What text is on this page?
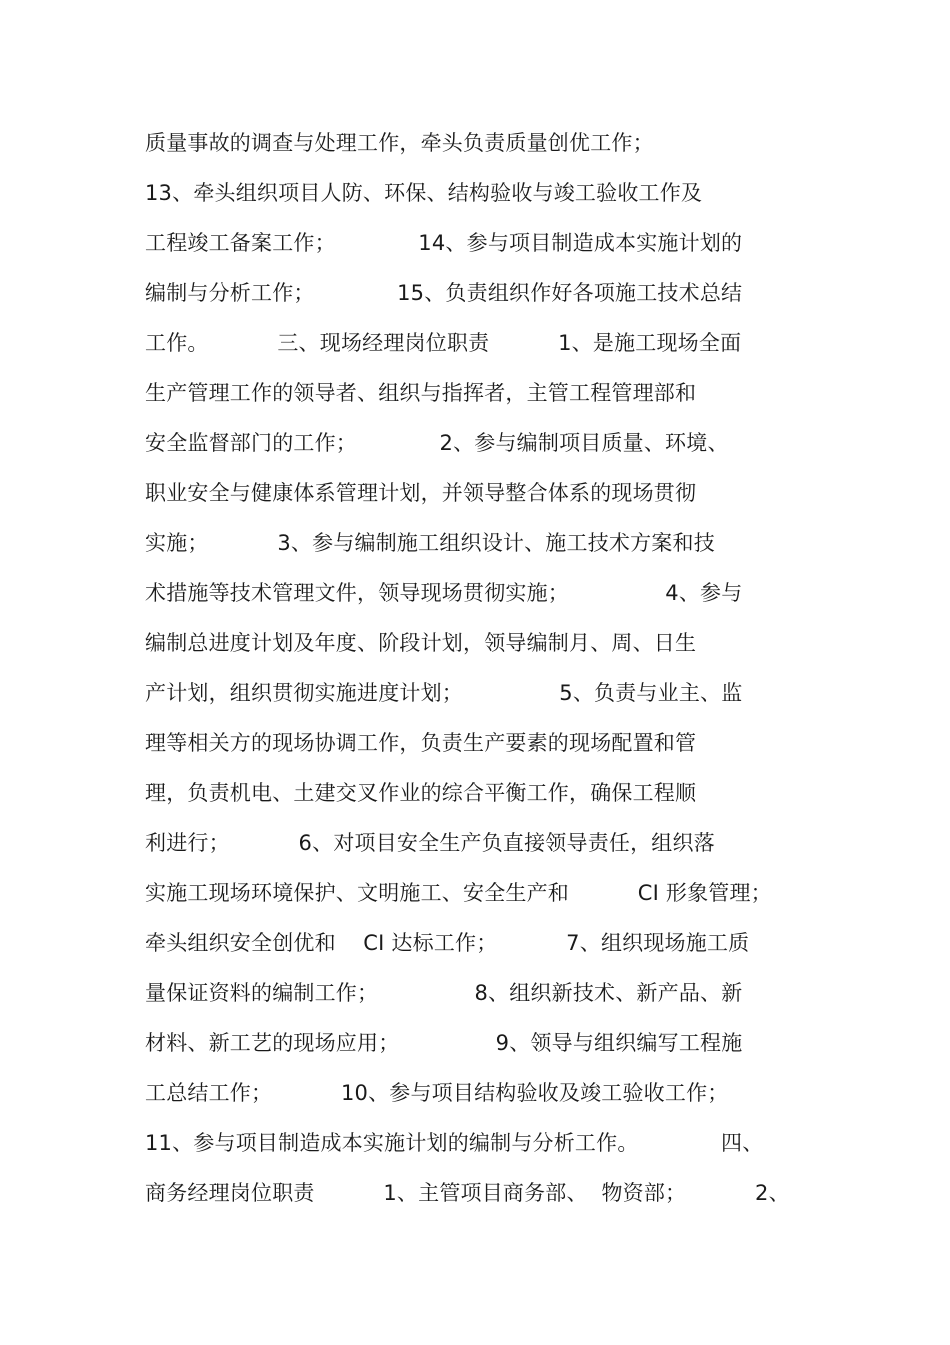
质量事故的调查与处理工作，牵头负责质量创优工作；
13、牵头组织项目人防、环保、结构验收与竣工验收工作及
工程竣工备案工作；            14、参与项目制造成本实施计划的
编制与分析工作；            15、负责组织作好各项施工技术总结
工作。          三、现场经理岗位职责          1、是施工现场全面
生产管理工作的领导者、组织与指挥者，主管工程管理部和
安全监督部门的工作；            2、参与编制项目质量、环境、
职业安全与健康体系管理计划，并领导整合体系的现场贯彻
实施；          3、参与编制施工组织设计、施工技术方案和技
术措施等技术管理文件，领导现场贯彻实施；              4、参与
编制总进度计划及年度、阶段计划，领导编制月、周、日生
产计划，组织贯彻实施进度计划；              5、负责与业主、监
理等相关方的现场协调工作，负责生产要素的现场配置和管
理，负责机电、土建交叉作业的综合平衡工作，确保工程顺
利进行；          6、对项目安全生产负直接领导责任，组织落
实施工现场环境保护、文明施工、安全生产和          CI 形象管理；
牵头组织安全创优和    CI 达标工作；          7、组织现场施工质
量保证资料的编制工作；              8、组织新技术、新产品、新
材料、新工艺的现场应用；              9、领导与组织编写工程施
工总结工作；          10、参与项目结构验收及竣工验收工作；
11、参与项目制造成本实施计划的编制与分析工作。            四、
商务经理岗位职责          1、主管项目商务部、  物资部；          2、
